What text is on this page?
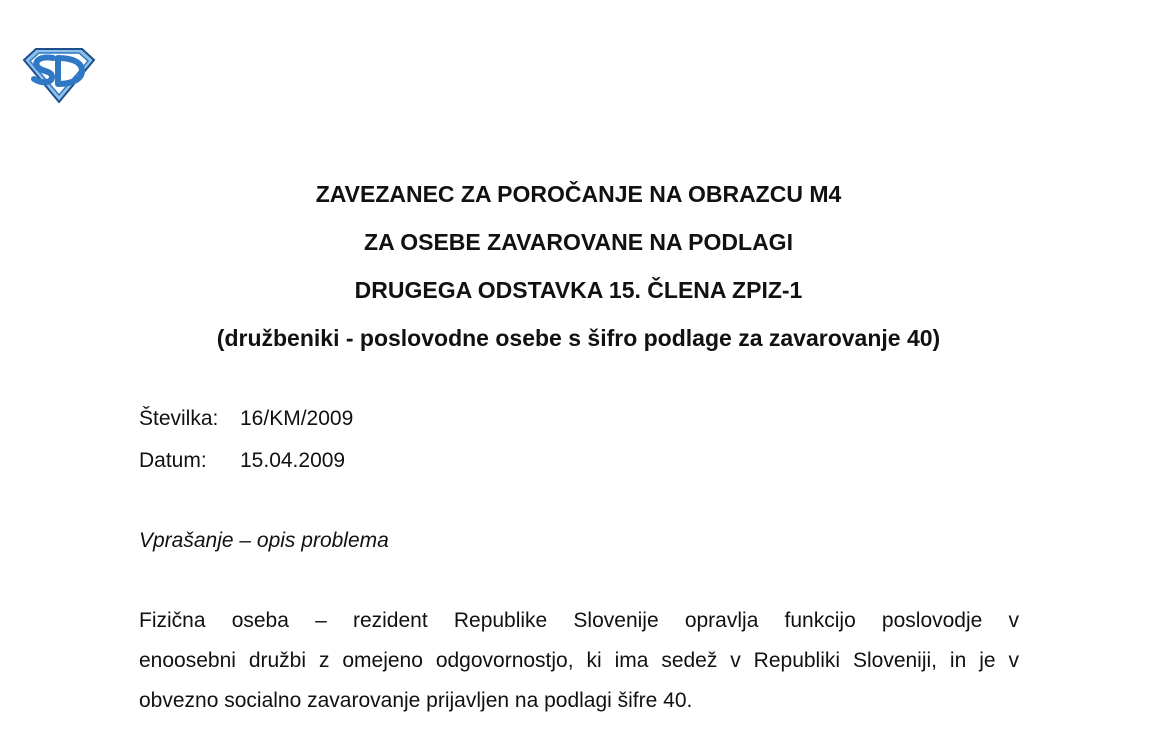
ZAVEZANEC ZA POROČANJE NA OBRAZCU M4
ZA OSEBE ZAVAROVANE NA PODLAGI
DRUGEGA ODSTAVKA 15. ČLENA ZPIZ-1
(družbeniki - poslovodne osebe s šifro podlage za zavarovanje 40)
Številka: 16/KM/2009
Datum: 15.04.2009
Vprašanje – opis problema
Fizična oseba – rezident Republike Slovenije opravlja funkcijo poslovodje v
enoosebni družbi z omejeno odgovornostjo, ki ima sedež v Republiki Sloveniji, in je v
obvezno socialno zavarovanje prijavljen na podlagi šifre 40.
